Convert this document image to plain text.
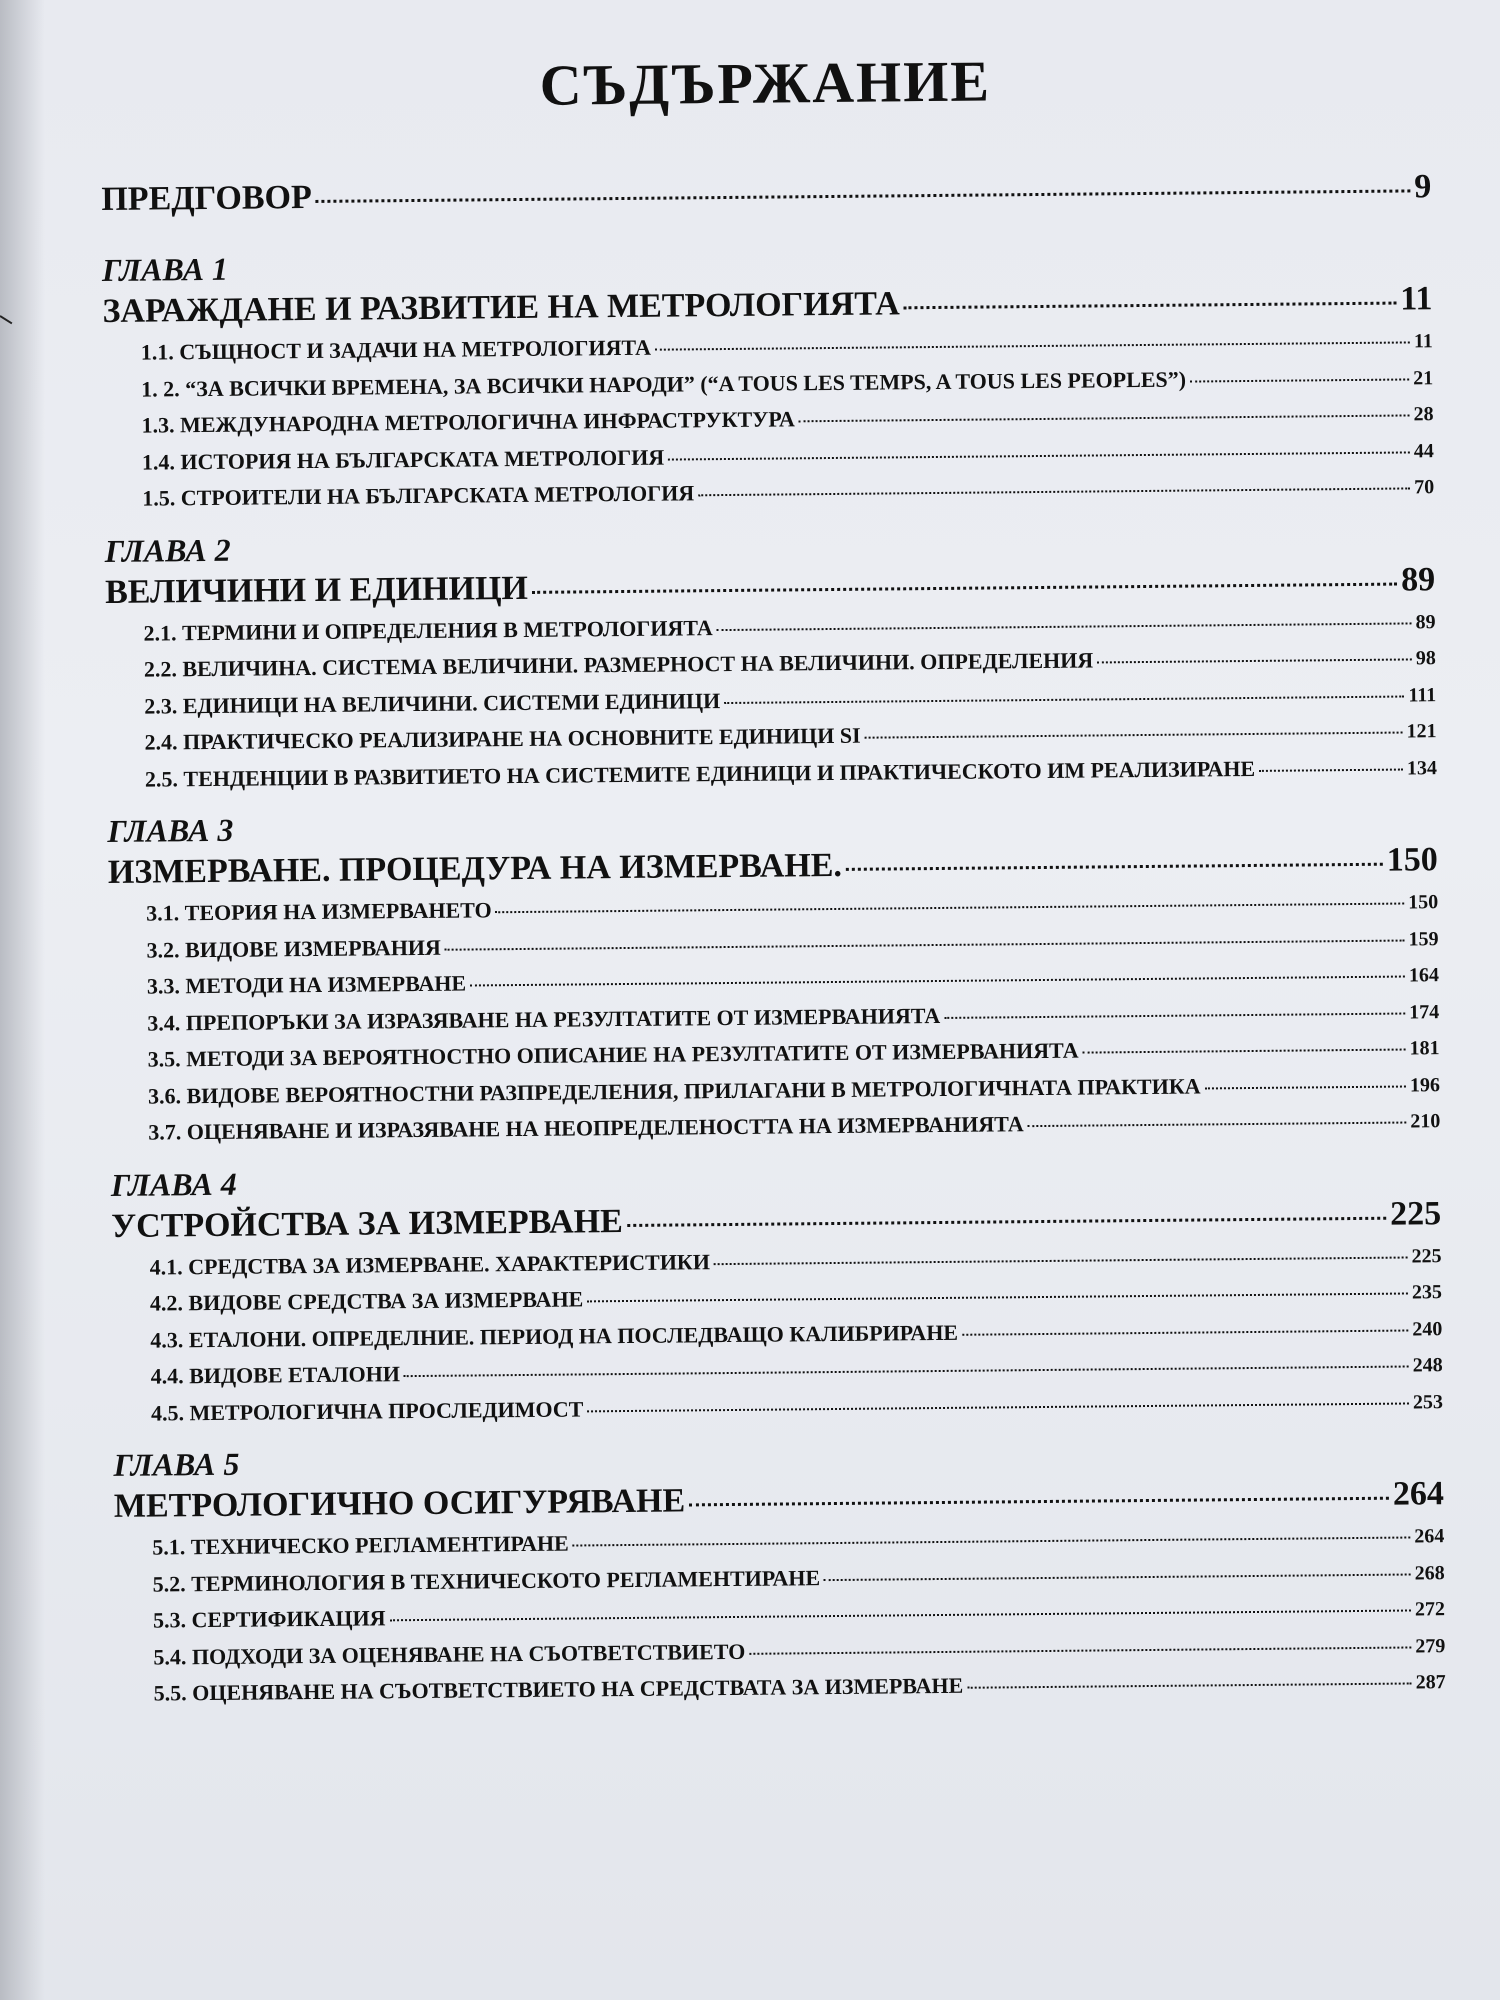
СЪДЪРЖАНИЕ
ПРЕДГОВОР	9
ГЛАВА 1
ЗАРАЖДАНЕ И РАЗВИТИЕ НА МЕТРОЛОГИЯТА	11
1.1. СЪЩНОСТ И ЗАДАЧИ НА МЕТРОЛОГИЯТА	11
1. 2. “ЗА ВСИЧКИ ВРЕМЕНА, ЗА ВСИЧКИ НАРОДИ” (“A TOUS LES TEMPS, A TOUS LES PEOPLES”)	21
1.3. МЕЖДУНАРОДНА МЕТРОЛОГИЧНА ИНФРАСТРУКТУРА	28
1.4. ИСТОРИЯ НА БЪЛГАРСКАТА МЕТРОЛОГИЯ	44
1.5. СТРОИТЕЛИ НА БЪЛГАРСКАТА МЕТРОЛОГИЯ	70
ГЛАВА 2
ВЕЛИЧИНИ И ЕДИНИЦИ	89
2.1. ТЕРМИНИ И ОПРЕДЕЛЕНИЯ В МЕТРОЛОГИЯТА	89
2.2. ВЕЛИЧИНА. СИСТЕМА ВЕЛИЧИНИ. РАЗМЕРНОСТ НА ВЕЛИЧИНИ. ОПРЕДЕЛЕНИЯ	98
2.3. ЕДИНИЦИ НА ВЕЛИЧИНИ. СИСТЕМИ ЕДИНИЦИ	111
2.4. ПРАКТИЧЕСКО РЕАЛИЗИРАНЕ НА ОСНОВНИТЕ ЕДИНИЦИ SI	121
2.5. ТЕНДЕНЦИИ В РАЗВИТИЕТО НА СИСТЕМИТЕ ЕДИНИЦИ И ПРАКТИЧЕСКОТО ИМ РЕАЛИЗИРАНЕ	134
ГЛАВА 3
ИЗМЕРВАНЕ. ПРОЦЕДУРА НА ИЗМЕРВАНЕ.	150
3.1. ТЕОРИЯ НА ИЗМЕРВАНЕТО	150
3.2. ВИДОВЕ ИЗМЕРВАНИЯ	159
3.3. МЕТОДИ НА ИЗМЕРВАНЕ	164
3.4. ПРЕПОРЪКИ ЗА ИЗРАЗЯВАНЕ НА РЕЗУЛТАТИТЕ ОТ ИЗМЕРВАНИЯТА	174
3.5. МЕТОДИ ЗА ВЕРОЯТНОСТНО ОПИСАНИЕ НА РЕЗУЛТАТИТЕ ОТ ИЗМЕРВАНИЯТА	181
3.6. ВИДОВЕ ВЕРОЯТНОСТНИ РАЗПРЕДЕЛЕНИЯ, ПРИЛАГАНИ В МЕТРОЛОГИЧНАТА ПРАКТИКА	196
3.7. ОЦЕНЯВАНЕ И ИЗРАЗЯВАНЕ НА НЕОПРЕДЕЛЕНОСТТА НА ИЗМЕРВАНИЯТА	210
ГЛАВА 4
УСТРОЙСТВА ЗА ИЗМЕРВАНЕ	225
4.1. СРЕДСТВА ЗА ИЗМЕРВАНЕ. ХАРАКТЕРИСТИКИ	225
4.2. ВИДОВЕ СРЕДСТВА ЗА ИЗМЕРВАНЕ	235
4.3. ЕТАЛОНИ. ОПРЕДЕЛНИЕ. ПЕРИОД НА ПОСЛЕДВАЩО КАЛИБРИРАНЕ	240
4.4. ВИДОВЕ ЕТАЛОНИ	248
4.5. МЕТРОЛОГИЧНА ПРОСЛЕДИМОСТ	253
ГЛАВА 5
МЕТРОЛОГИЧНО ОСИГУРЯВАНЕ	264
5.1. ТЕХНИЧЕСКО РЕГЛАМЕНТИРАНЕ	264
5.2. ТЕРМИНОЛОГИЯ В ТЕХНИЧЕСКОТО РЕГЛАМЕНТИРАНЕ	268
5.3. СЕРТИФИКАЦИЯ	272
5.4. ПОДХОДИ ЗА ОЦЕНЯВАНЕ НА СЪОТВЕТСТВИЕТО	279
5.5. ОЦЕНЯВАНЕ НА СЪОТВЕТСТВИЕТО НА СРЕДСТВАТА ЗА ИЗМЕРВАНЕ	287
